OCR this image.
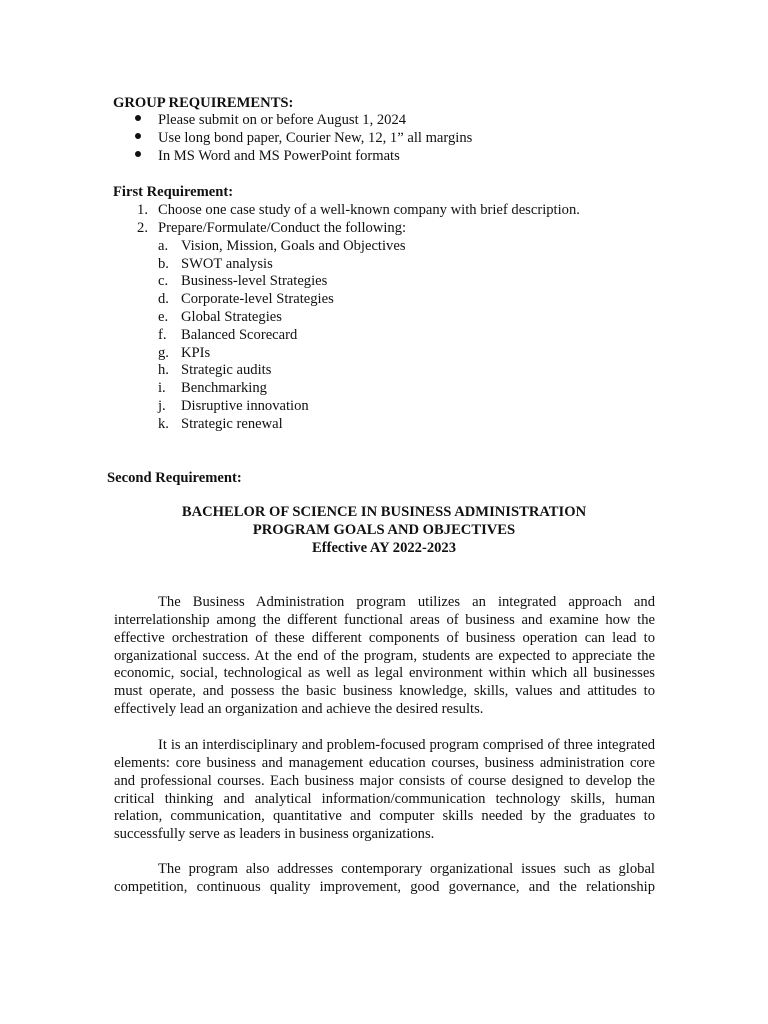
GROUP REQUIREMENTS:
Please submit on or before August 1, 2024
Use long bond paper, Courier New, 12, 1” all margins
In MS Word and MS PowerPoint formats
First Requirement:
1. Choose one case study of a well-known company with brief description.
2. Prepare/Formulate/Conduct the following:
a. Vision, Mission, Goals and Objectives
b. SWOT analysis
c. Business-level Strategies
d. Corporate-level Strategies
e. Global Strategies
f. Balanced Scorecard
g. KPIs
h. Strategic audits
i. Benchmarking
j. Disruptive innovation
k. Strategic renewal
Second Requirement:
BACHELOR OF SCIENCE IN BUSINESS ADMINISTRATION
PROGRAM GOALS AND OBJECTIVES
Effective AY 2022-2023

The Business Administration program utilizes an integrated approach and interrelationship among the different functional areas of business and examine how the effective orchestration of these different components of business operation can lead to organizational success. At the end of the program, students are expected to appreciate the economic, social, technological as well as legal environment within which all businesses must operate, and possess the basic business knowledge, skills, values and attitudes to effectively lead an organization and achieve the desired results.

It is an interdisciplinary and problem-focused program comprised of three integrated elements: core business and management education courses, business administration core and professional courses. Each business major consists of course designed to develop the critical thinking and analytical information/communication technology skills, human relation, communication, quantitative and computer skills needed by the graduates to successfully serve as leaders in business organizations.

The program also addresses contemporary organizational issues such as global competition, continuous quality improvement, good governance, and the relationship
